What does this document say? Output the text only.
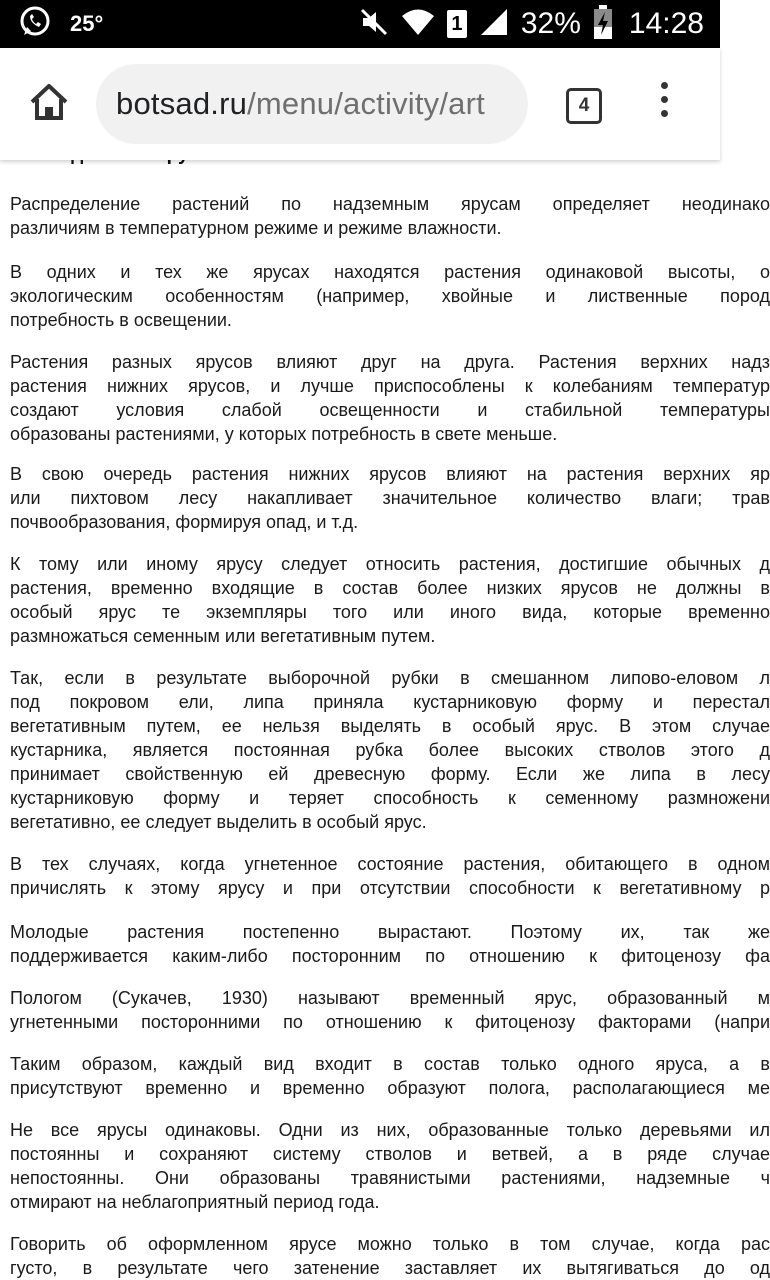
25°	1 32% 14:28
botsad.ru/menu/activity/art	4
Распределение растений по надземным ярусам определяет неодинако
различиям в температурном режиме и режиме влажности.
В одних и тех же ярусах находятся растения одинаковой высоты, о
экологическим особенностям (например, хвойные и лиственные пород
потребность в освещении.
Растения разных ярусов влияют друг на друга. Растения верхних надз
растения нижних ярусов, и лучше приспособлены к колебаниям температур
создают условия слабой освещенности и стабильной температуры
образованы растениями, у которых потребность в свете меньше.
В свою очередь растения нижних ярусов влияют на растения верхних яр
или пихтовом лесу накапливает значительное количество влаги; трав
почвообразования, формируя опад, и т.д.
К тому или иному ярусу следует относить растения, достигшие обычных д
растения, временно входящие в состав более низких ярусов не должны в
особый ярус те экземпляры того или иного вида, которые временно
размножаться семенным или вегетативным путем.
Так, если в результате выборочной рубки в смешанном липово-еловом л
под покровом ели, липа приняла кустарниковую форму и перестал
вегетативным путем, ее нельзя выделять в особый ярус. В этом случае
кустарника, является постоянная рубка более высоких стволов этого д
принимает свойственную ей древесную форму. Если же липа в лесу
кустарниковую форму и теряет способность к семенному размножени
вегетативно, ее следует выделить в особый ярус.
В тех случаях, когда угнетенное состояние растения, обитающего в одном
причислять к этому ярусу и при отсутствии способности к вегетативному р
Молодые растения постепенно вырастают. Поэтому их, так же
поддерживается каким-либо посторонним по отношению к фитоценозу фа
Пологом (Сукачев, 1930) называют временный ярус, образованный м
угнетенными посторонними по отношению к фитоценозу факторами (напри
Таким образом, каждый вид входит в состав только одного яруса, а в
присутствуют временно и временно образуют полога, располагающиеся ме
Не все ярусы одинаковы. Одни из них, образованные только деревьями ил
постоянны и сохраняют систему стволов и ветвей, а в ряде случае
непостоянны. Они образованы травянистыми растениями, надземные ч
отмирают на неблагоприятный период года.
Говорить об оформленном ярусе можно только в том случае, когда рас
густо, в результате чего затенение заставляет их вытягиваться до од
